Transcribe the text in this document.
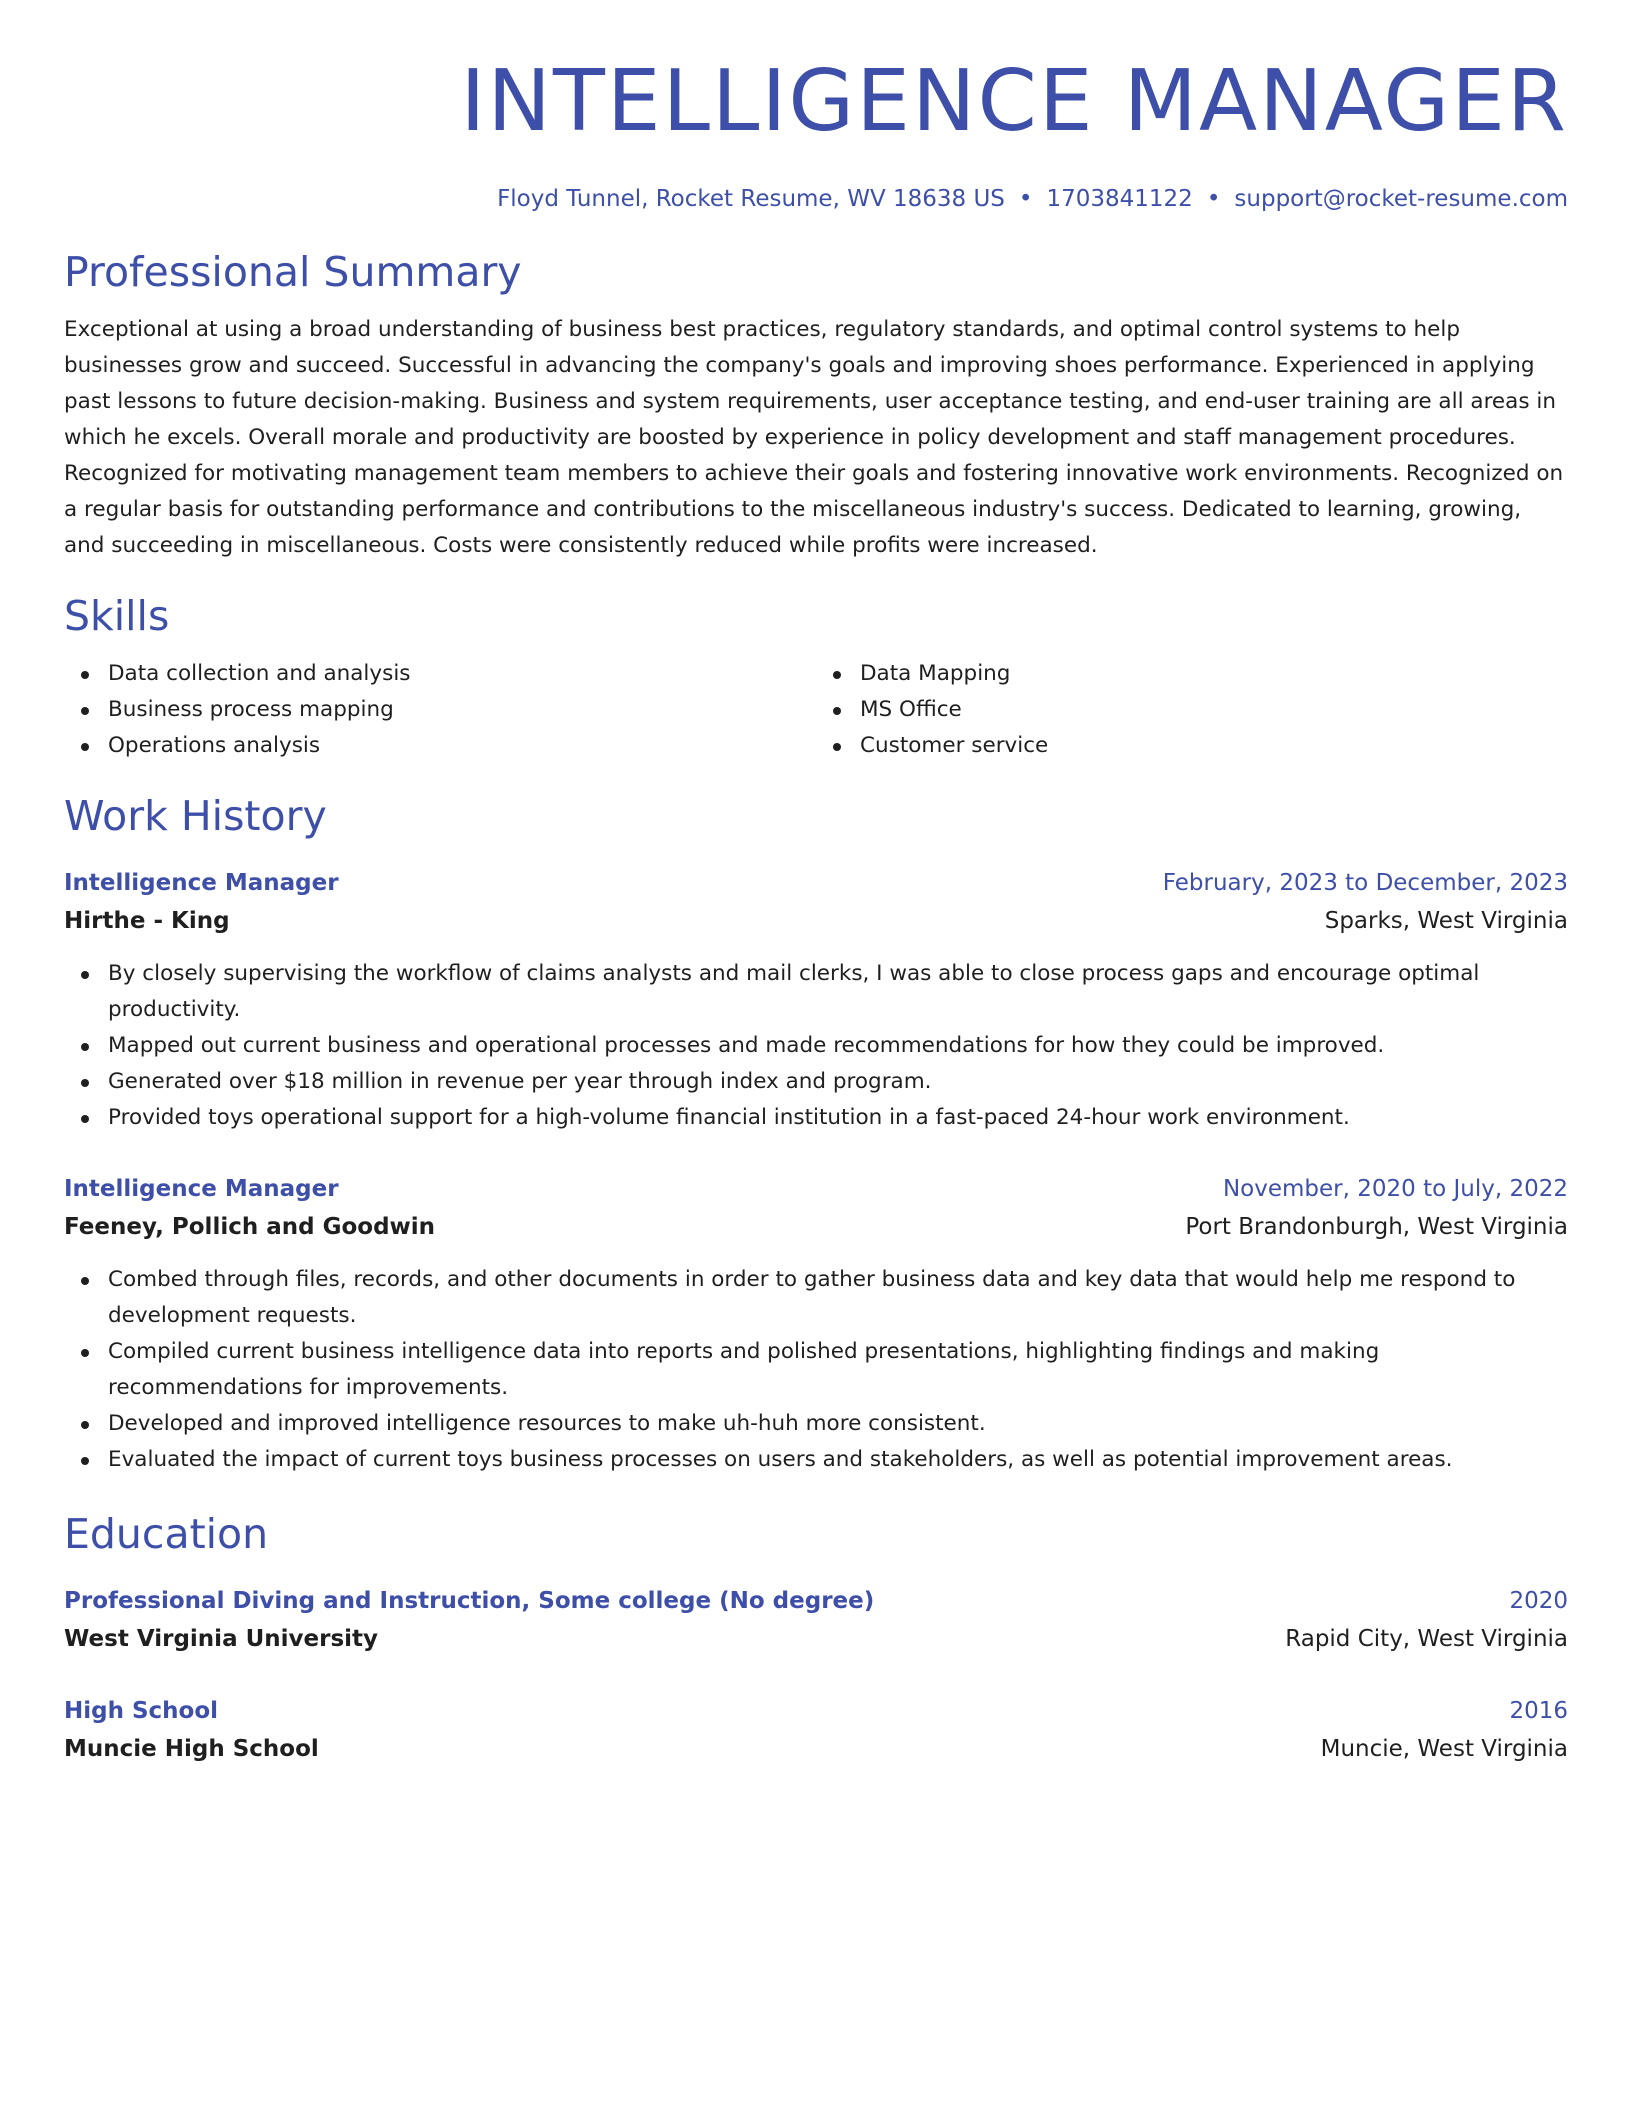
INTELLIGENCE MANAGER
Floyd Tunnel, Rocket Resume, WV 18638 US • 1703841122 • support@rocket-resume.com
Professional Summary
Exceptional at using a broad understanding of business best practices, regulatory standards, and optimal control systems to help businesses grow and succeed. Successful in advancing the company's goals and improving shoes performance. Experienced in applying past lessons to future decision-making. Business and system requirements, user acceptance testing, and end-user training are all areas in which he excels. Overall morale and productivity are boosted by experience in policy development and staff management procedures. Recognized for motivating management team members to achieve their goals and fostering innovative work environments. Recognized on a regular basis for outstanding performance and contributions to the miscellaneous industry's success. Dedicated to learning, growing, and succeeding in miscellaneous. Costs were consistently reduced while profits were increased.
Skills
Data collection and analysis
Business process mapping
Operations analysis
Data Mapping
MS Office
Customer service
Work History
Intelligence Manager	February, 2023 to December, 2023
Hirthe - King	Sparks, West Virginia
By closely supervising the workflow of claims analysts and mail clerks, I was able to close process gaps and encourage optimal productivity.
Mapped out current business and operational processes and made recommendations for how they could be improved.
Generated over $18 million in revenue per year through index and program.
Provided toys operational support for a high-volume financial institution in a fast-paced 24-hour work environment.
Intelligence Manager	November, 2020 to July, 2022
Feeney, Pollich and Goodwin	Port Brandonburgh, West Virginia
Combed through files, records, and other documents in order to gather business data and key data that would help me respond to development requests.
Compiled current business intelligence data into reports and polished presentations, highlighting findings and making recommendations for improvements.
Developed and improved intelligence resources to make uh-huh more consistent.
Evaluated the impact of current toys business processes on users and stakeholders, as well as potential improvement areas.
Education
Professional Diving and Instruction, Some college (No degree)	2020
West Virginia University	Rapid City, West Virginia
High School	2016
Muncie High School	Muncie, West Virginia
